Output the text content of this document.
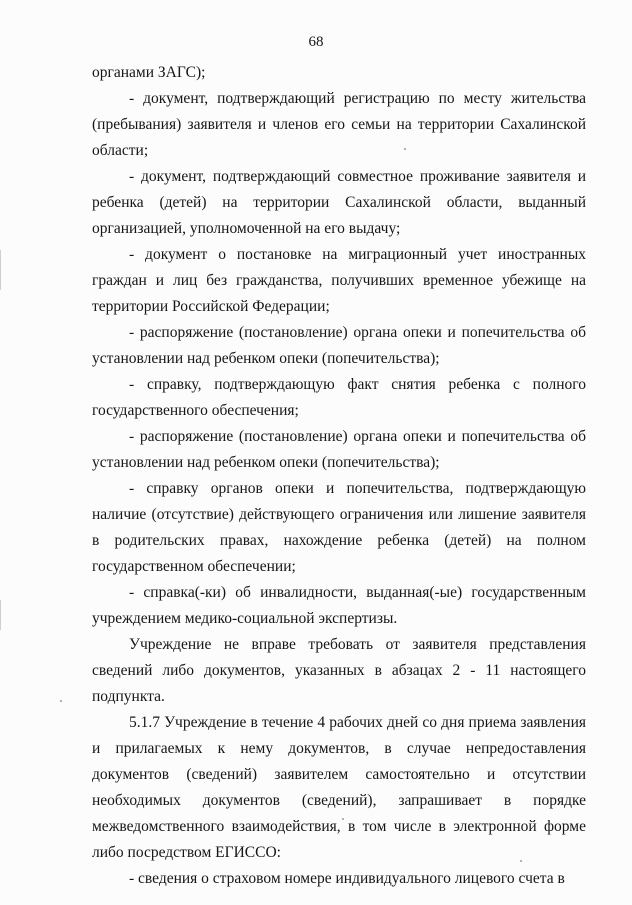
68

органами ЗАГС);

- документ, подтверждающий регистрацию по месту жительства (пребывания) заявителя и членов его семьи на территории Сахалинской области;

- документ, подтверждающий совместное проживание заявителя и ребенка (детей) на территории Сахалинской области, выданный организацией, уполномоченной на его выдачу;

- документ о постановке на миграционный учет иностранных граждан и лиц без гражданства, получивших временное убежище на территории Российской Федерации;

- распоряжение (постановление) органа опеки и попечительства об установлении над ребенком опеки (попечительства);

- справку, подтверждающую факт снятия ребенка с полного государственного обеспечения;

- распоряжение (постановление) органа опеки и попечительства об установлении над ребенком опеки (попечительства);

- справку органов опеки и попечительства, подтверждающую наличие (отсутствие) действующего ограничения или лишение заявителя в родительских правах, нахождение ребенка (детей) на полном государственном обеспечении;

- справка(-ки) об инвалидности, выданная(-ые) государственным учреждением медико-социальной экспертизы.

Учреждение не вправе требовать от заявителя представления сведений либо документов, указанных в абзацах 2 - 11 настоящего подпункта.

5.1.7 Учреждение в течение 4 рабочих дней со дня приема заявления и прилагаемых к нему документов, в случае непредоставления документов (сведений) заявителем самостоятельно и отсутствии необходимых документов (сведений), запрашивает в порядке межведомственного взаимодействия, в том числе в электронной форме либо посредством ЕГИССО:

- сведения о страховом номере индивидуального лицевого счета в
